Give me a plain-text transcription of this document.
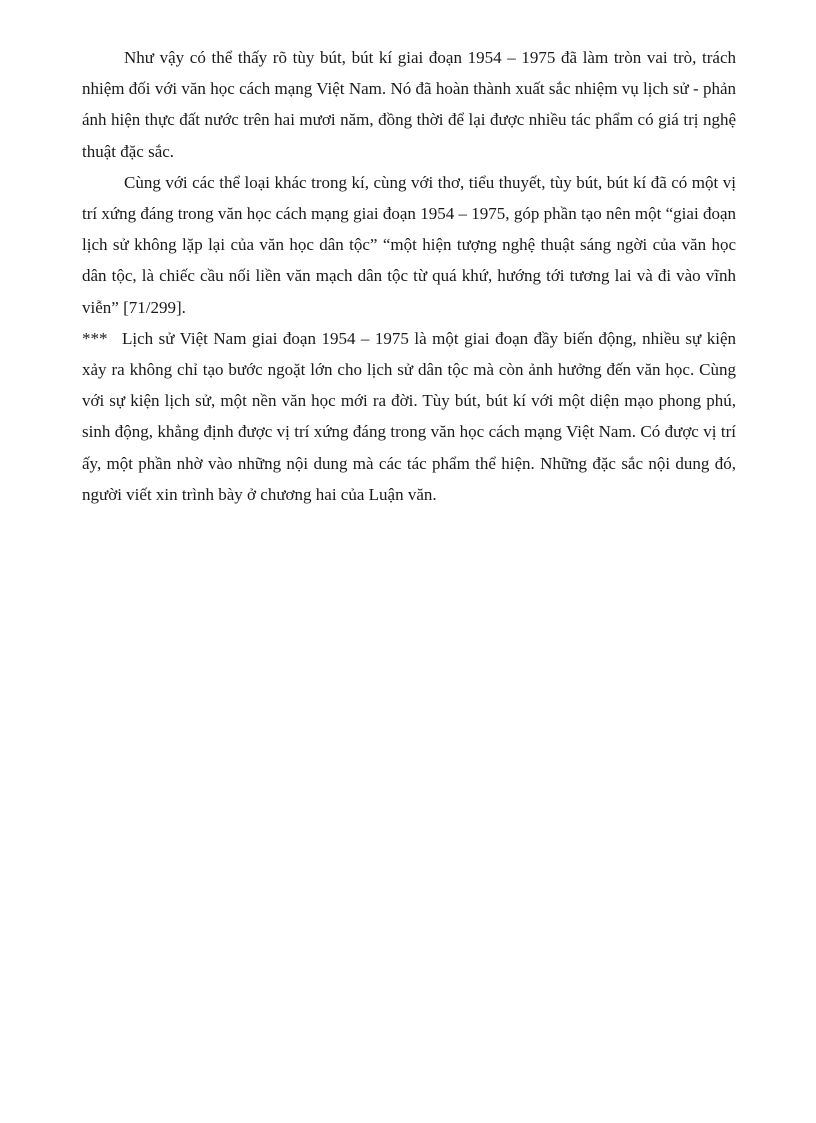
Như vậy có thể thấy rõ tùy bút, bút kí giai đoạn 1954 – 1975 đã làm tròn vai trò, trách nhiệm đối với văn học cách mạng Việt Nam. Nó đã hoàn thành xuất sắc nhiệm vụ lịch sử - phản ánh hiện thực đất nước trên hai mươi năm, đồng thời để lại được nhiều tác phẩm có giá trị nghệ thuật đặc sắc.

Cùng với các thể loại khác trong kí, cùng với thơ, tiểu thuyết, tùy bút, bút kí đã có một vị trí xứng đáng trong văn học cách mạng giai đoạn 1954 – 1975, góp phần tạo nên một “giai đoạn lịch sử không lặp lại của văn học dân tộc” “một hiện tượng nghệ thuật sáng ngời của văn học dân tộc, là chiếc cầu nối liền văn mạch dân tộc từ quá khứ, hướng tới tương lai và đi vào vĩnh viễn” [71/299].

*** Lịch sử Việt Nam giai đoạn 1954 – 1975 là một giai đoạn đầy biến động, nhiều sự kiện xảy ra không chỉ tạo bước ngoặt lớn cho lịch sử dân tộc mà còn ảnh hưởng đến văn học. Cùng với sự kiện lịch sử, một nền văn học mới ra đời. Tùy bút, bút kí với một diện mạo phong phú, sinh động, khẳng định được vị trí xứng đáng trong văn học cách mạng Việt Nam. Có được vị trí ấy, một phần nhờ vào những nội dung mà các tác phẩm thể hiện. Những đặc sắc nội dung đó, người viết xin trình bày ở chương hai của Luận văn.
